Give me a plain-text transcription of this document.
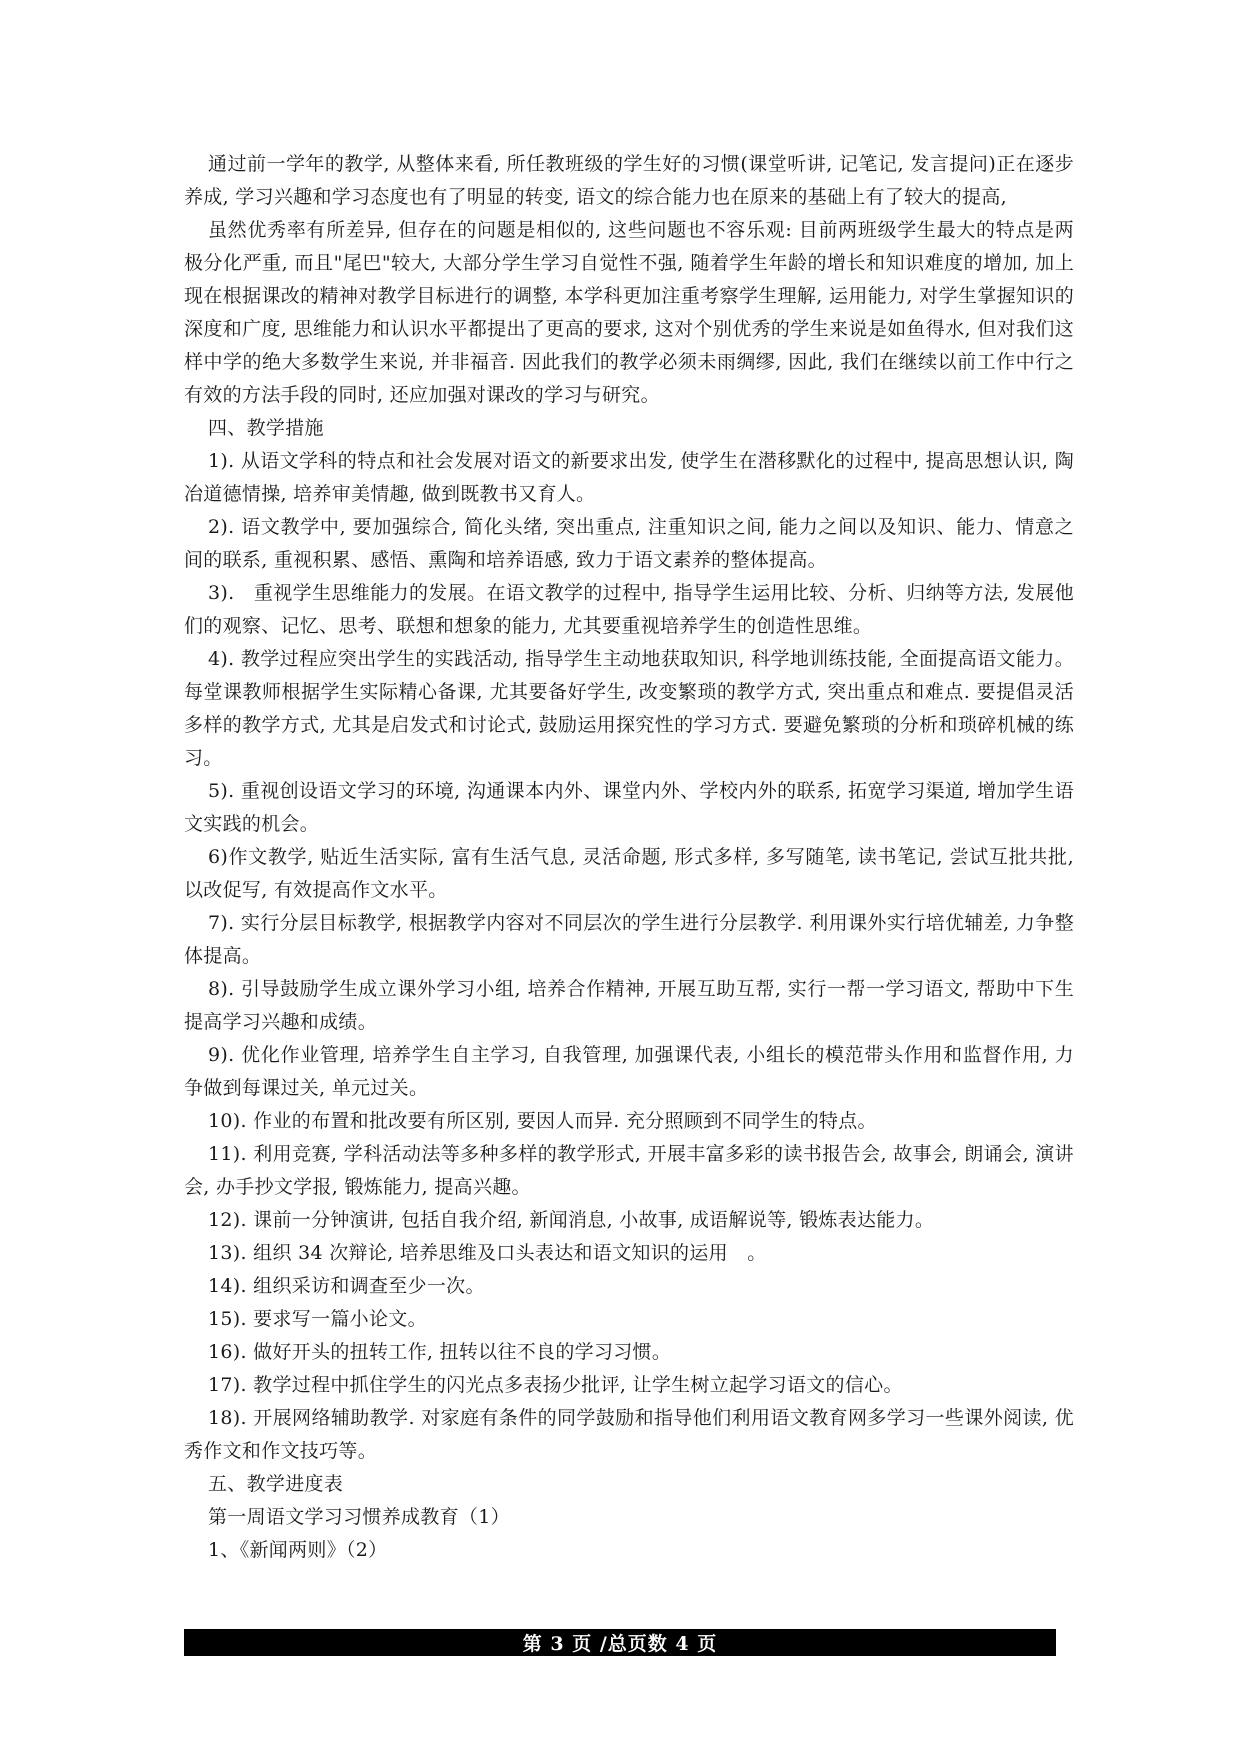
通过前一学年的教学, 从整体来看, 所任教班级的学生好的习惯(课堂听讲, 记笔记, 发言提问)正在逐步养成, 学习兴趣和学习态度也有了明显的转变, 语文的综合能力也在原来的基础上有了较大的提高,

虽然优秀率有所差异, 但存在的问题是相似的, 这些问题也不容乐观: 目前两班级学生最大的特点是两极分化严重, 而且"尾巴"较大, 大部分学生学习自觉性不强, 随着学生年龄的增长和知识难度的增加, 加上现在根据课改的精神对教学目标进行的调整, 本学科更加注重考察学生理解, 运用能力, 对学生掌握知识的深度和广度, 思维能力和认识水平都提出了更高的要求, 这对个别优秀的学生来说是如鱼得水, 但对我们这样中学的绝大多数学生来说, 并非福音. 因此我们的教学必须未雨绸缪, 因此, 我们在继续以前工作中行之有效的方法手段的同时, 还应加强对课改的学习与研究。

四、教学措施

1). 从语文学科的特点和社会发展对语文的新要求出发, 使学生在潜移默化的过程中, 提高思想认识, 陶冶道德情操, 培养审美情趣, 做到既教书又育人。

2). 语文教学中, 要加强综合, 简化头绪, 突出重点, 注重知识之间, 能力之间以及知识、能力、情意之间的联系, 重视积累、感悟、熏陶和培养语感, 致力于语文素养的整体提高。

3).　重视学生思维能力的发展。在语文教学的过程中, 指导学生运用比较、分析、归纳等方法, 发展他们的观察、记忆、思考、联想和想象的能力, 尤其要重视培养学生的创造性思维。

4). 教学过程应突出学生的实践活动, 指导学生主动地获取知识, 科学地训练技能, 全面提高语文能力。每堂课教师根据学生实际精心备课, 尤其要备好学生, 改变繁琐的教学方式, 突出重点和难点. 要提倡灵活多样的教学方式, 尤其是启发式和讨论式, 鼓励运用探究性的学习方式. 要避免繁琐的分析和琐碎机械的练习。

5). 重视创设语文学习的环境, 沟通课本内外、课堂内外、学校内外的联系, 拓宽学习渠道, 增加学生语文实践的机会。

6)作文教学, 贴近生活实际, 富有生活气息, 灵活命题, 形式多样, 多写随笔, 读书笔记, 尝试互批共批, 以改促写, 有效提高作文水平。

7). 实行分层目标教学, 根据教学内容对不同层次的学生进行分层教学. 利用课外实行培优辅差, 力争整体提高。

8). 引导鼓励学生成立课外学习小组, 培养合作精神, 开展互助互帮, 实行一帮一学习语文, 帮助中下生提高学习兴趣和成绩。

9). 优化作业管理, 培养学生自主学习, 自我管理, 加强课代表, 小组长的模范带头作用和监督作用, 力争做到每课过关, 单元过关。

10). 作业的布置和批改要有所区别, 要因人而异. 充分照顾到不同学生的特点。

11). 利用竞赛, 学科活动法等多种多样的教学形式, 开展丰富多彩的读书报告会, 故事会, 朗诵会, 演讲会, 办手抄文学报, 锻炼能力, 提高兴趣。

12). 课前一分钟演讲, 包括自我介绍, 新闻消息, 小故事, 成语解说等, 锻炼表达能力。

13). 组织 34 次辩论, 培养思维及口头表达和语文知识的运用　。

14). 组织采访和调查至少一次。

15). 要求写一篇小论文。

16). 做好开头的扭转工作, 扭转以往不良的学习习惯。

17). 教学过程中抓住学生的闪光点多表扬少批评, 让学生树立起学习语文的信心。

18). 开展网络辅助教学. 对家庭有条件的同学鼓励和指导他们利用语文教育网多学习一些课外阅读, 优秀作文和作文技巧等。

五、教学进度表

第一周语文学习习惯养成教育（1）

1、《新闻两则》（2）

第 3 页 /总页数 4 页
